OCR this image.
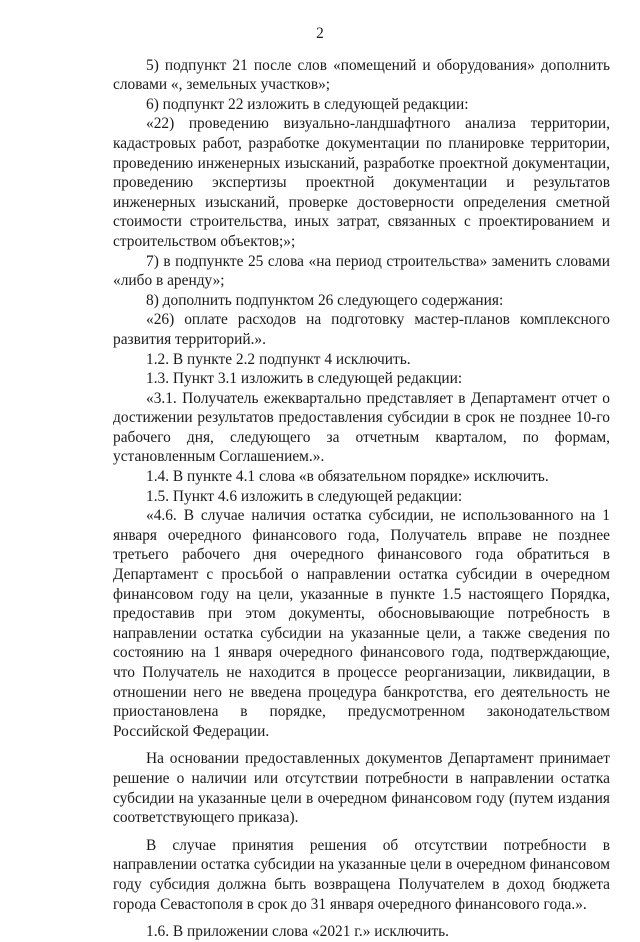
2

5) подпункт 21 после слов «помещений и оборудования» дополнить словами «, земельных участков»;

6) подпункт 22 изложить в следующей редакции:

«22) проведению визуально-ландшафтного анализа территории, кадастровых работ, разработке документации по планировке территории, проведению инженерных изысканий, разработке проектной документации, проведению экспертизы проектной документации и результатов инженерных изысканий, проверке достоверности определения сметной стоимости строительства, иных затрат, связанных с проектированием и строительством объектов;»;

7) в подпункте 25 слова «на период строительства» заменить словами «либо в аренду»;

8) дополнить подпунктом 26 следующего содержания:

«26) оплате расходов на подготовку мастер-планов комплексного развития территорий.».

1.2. В пункте 2.2 подпункт 4 исключить.

1.3. Пункт 3.1 изложить в следующей редакции:

«3.1. Получатель ежеквартально представляет в Департамент отчет о достижении результатов предоставления субсидии в срок не позднее 10-го рабочего дня, следующего за отчетным кварталом, по формам, установленным Соглашением.».

1.4. В пункте 4.1 слова «в обязательном порядке» исключить.

1.5. Пункт 4.6 изложить в следующей редакции:

«4.6. В случае наличия остатка субсидии, не использованного на 1 января очередного финансового года, Получатель вправе не позднее третьего рабочего дня очередного финансового года обратиться в Департамент с просьбой о направлении остатка субсидии в очередном финансовом году на цели, указанные в пункте 1.5 настоящего Порядка, предоставив при этом документы, обосновывающие потребность в направлении остатка субсидии на указанные цели, а также сведения по состоянию на 1 января очередного финансового года, подтверждающие, что Получатель не находится в процессе реорганизации, ликвидации, в отношении него не введена процедура банкротства, его деятельность не приостановлена в порядке, предусмотренном законодательством Российской Федерации.

На основании предоставленных документов Департамент принимает решение о наличии или отсутствии потребности в направлении остатка субсидии на указанные цели в очередном финансовом году (путем издания соответствующего приказа).

В случае принятия решения об отсутствии потребности в направлении остатка субсидии на указанные цели в очередном финансовом году субсидия должна быть возвращена Получателем в доход бюджета города Севастополя в срок до 31 января очередного финансового года.».

1.6. В приложении слова «2021 г.» исключить.
